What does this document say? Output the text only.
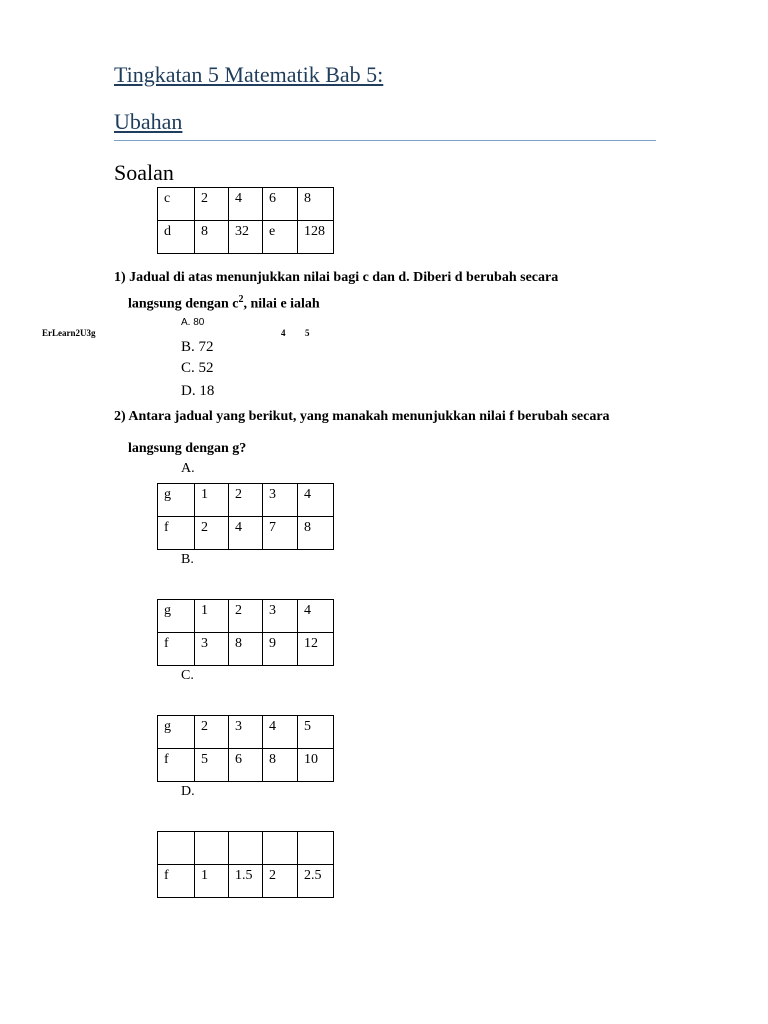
Tingkatan 5 Matematik Bab 5:
Ubahan
Soalan
c	2	4	6	8
d	8	32	e	128
1) Jadual di atas menunjukkan nilai bagi c dan d. Diberi d berubah secara
langsung dengan $c^2$, nilai e ialah
A. 80
ErLearn2U3g	4 5
B. 72
C. 52
D. 18
2) Antara jadual yang berikut, yang manakah menunjukkan nilai f berubah secara
langsung dengan g?
A.
g	1	2	3	4
f	2	4	7	8
B.
g	1	2	3	4
f	3	8	9	12
C.
g	2	3	4	5
f	5	6	8	10
D.

f	1	1.5	2	2.5
